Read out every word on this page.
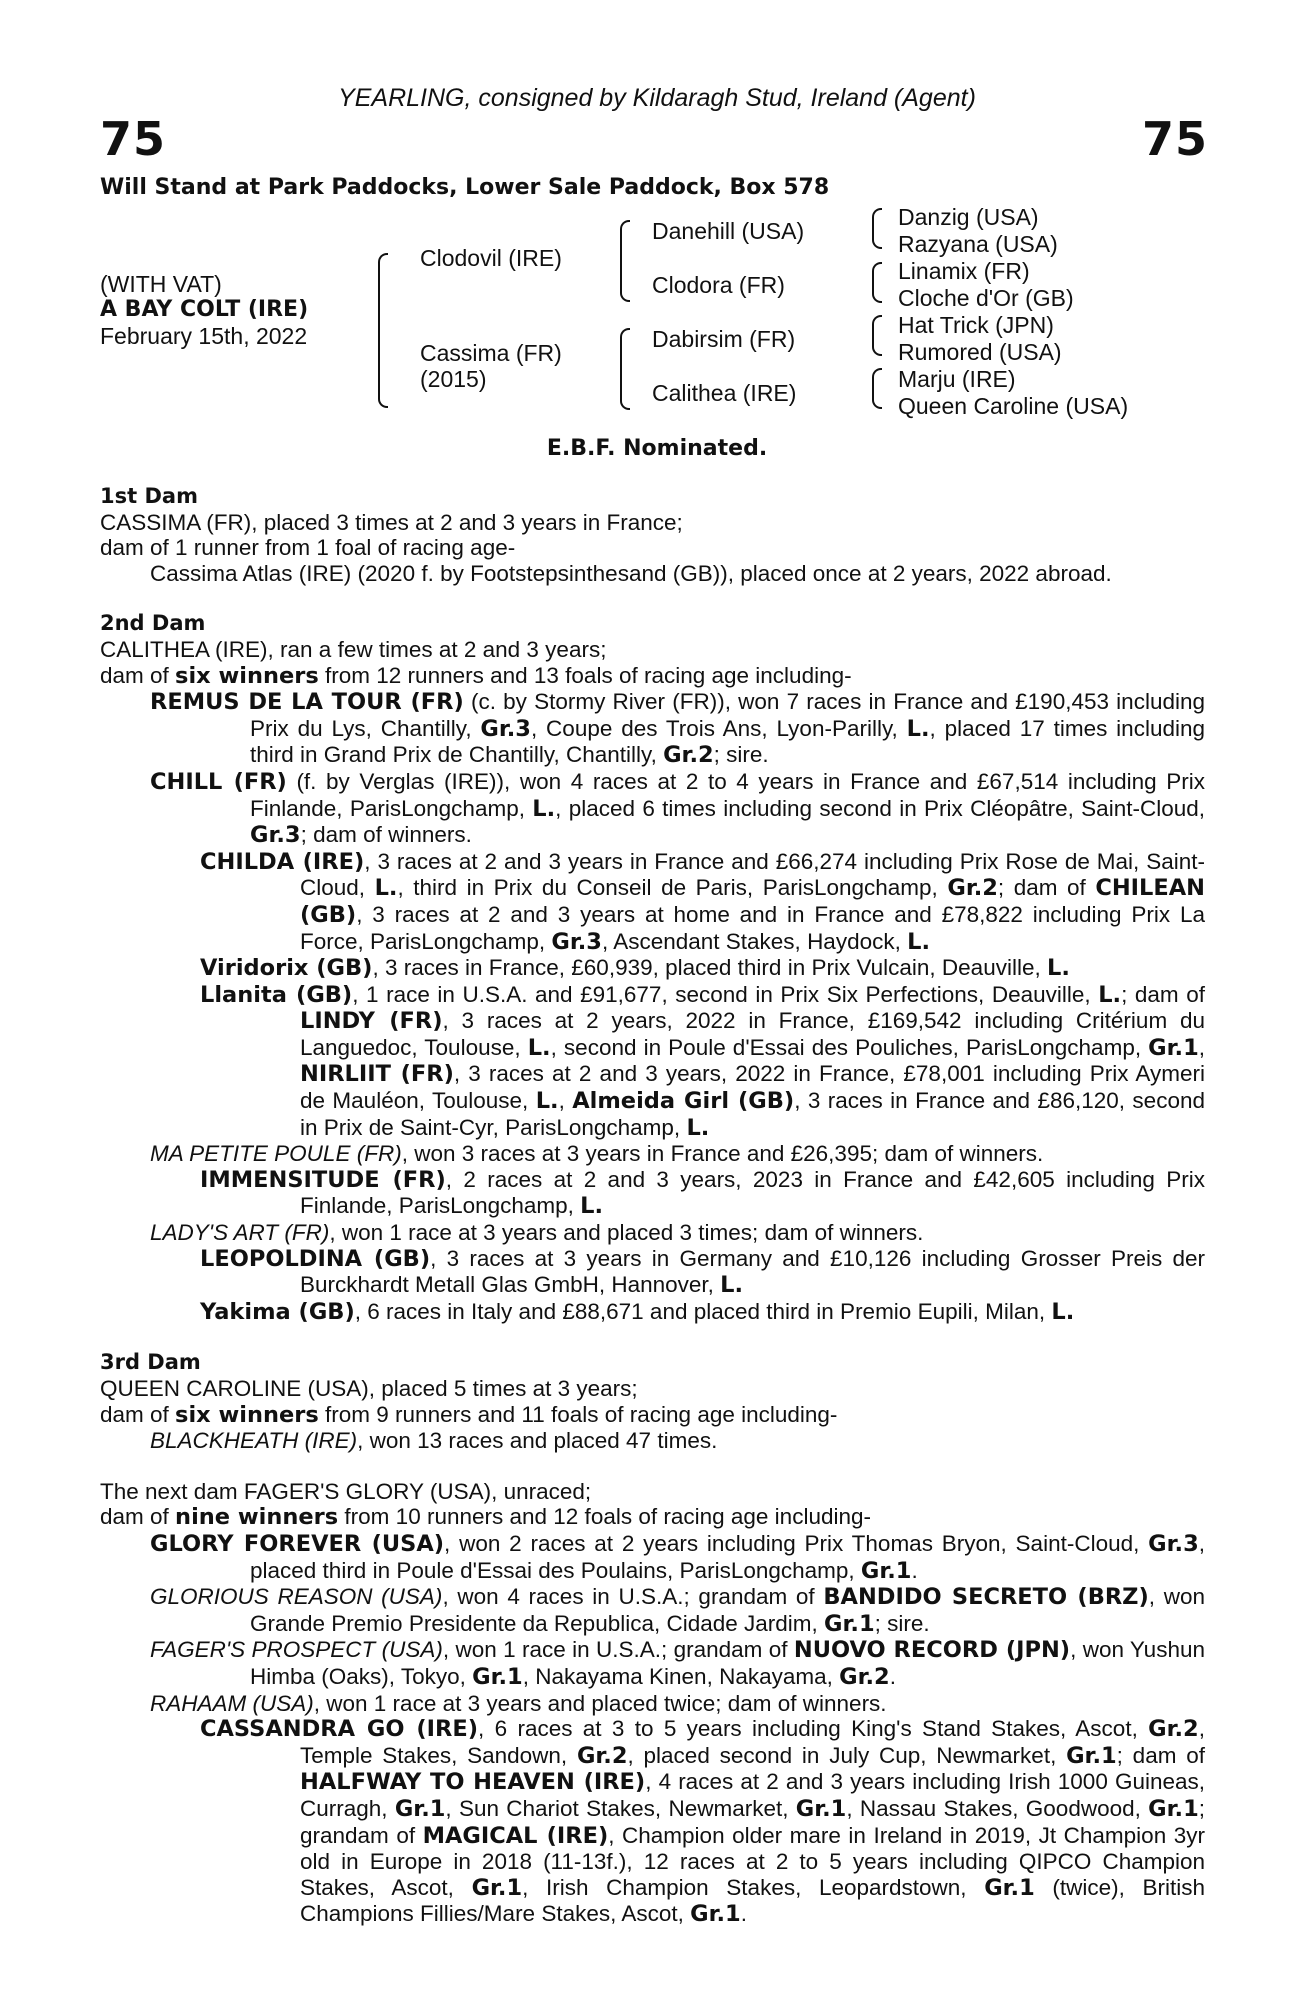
YEARLING, consigned by Kildaragh Stud, Ireland (Agent)
75	75
Will Stand at Park Paddocks, Lower Sale Paddock, Box 578
(WITH VAT)
A BAY COLT (IRE)
February 15th, 2022
Clodovil (IRE)
Cassima (FR)
(2015)
Danehill (USA)
Clodora (FR)
Dabirsim (FR)
Calithea (IRE)
Danzig (USA)
Razyana (USA)
Linamix (FR)
Cloche d'Or (GB)
Hat Trick (JPN)
Rumored (USA)
Marju (IRE)
Queen Caroline (USA)
E.B.F. Nominated.
1st Dam

CASSIMA (FR), placed 3 times at 2 and 3 years in France;

dam of 1 runner from 1 foal of racing age-

Cassima Atlas (IRE) (2020 f. by Footstepsinthesand (GB)), placed once at 2 years, 2022 abroad.

2nd Dam

CALITHEA (IRE), ran a few times at 2 and 3 years;

dam of six winners from 12 runners and 13 foals of racing age including-

REMUS DE LA TOUR (FR) (c. by Stormy River (FR)), won 7 races in France and £190,453 including Prix du Lys, Chantilly, Gr.3, Coupe des Trois Ans, Lyon-Parilly, L., placed 17 times including third in Grand Prix de Chantilly, Chantilly, Gr.2; sire.

CHILL (FR) (f. by Verglas (IRE)), won 4 races at 2 to 4 years in France and £67,514 including Prix Finlande, ParisLongchamp, L., placed 6 times including second in Prix Cléopâtre, Saint-Cloud, Gr.3; dam of winners.

CHILDA (IRE), 3 races at 2 and 3 years in France and £66,274 including Prix Rose de Mai, Saint-Cloud, L., third in Prix du Conseil de Paris, ParisLongchamp, Gr.2; dam of CHILEAN (GB), 3 races at 2 and 3 years at home and in France and £78,822 including Prix La Force, ParisLongchamp, Gr.3, Ascendant Stakes, Haydock, L.

Viridorix (GB), 3 races in France, £60,939, placed third in Prix Vulcain, Deauville, L.

Llanita (GB), 1 race in U.S.A. and £91,677, second in Prix Six Perfections, Deauville, L.; dam of LINDY (FR), 3 races at 2 years, 2022 in France, £169,542 including Critérium du Languedoc, Toulouse, L., second in Poule d'Essai des Pouliches, ParisLongchamp, Gr.1, NIRLIIT (FR), 3 races at 2 and 3 years, 2022 in France, £78,001 including Prix Aymeri de Mauléon, Toulouse, L., Almeida Girl (GB), 3 races in France and £86,120, second in Prix de Saint-Cyr, ParisLongchamp, L.

MA PETITE POULE (FR), won 3 races at 3 years in France and £26,395; dam of winners.

IMMENSITUDE (FR), 2 races at 2 and 3 years, 2023 in France and £42,605 including Prix Finlande, ParisLongchamp, L.

LADY'S ART (FR), won 1 race at 3 years and placed 3 times; dam of winners.

LEOPOLDINA (GB), 3 races at 3 years in Germany and £10,126 including Grosser Preis der Burckhardt Metall Glas GmbH, Hannover, L.

Yakima (GB), 6 races in Italy and £88,671 and placed third in Premio Eupili, Milan, L.

3rd Dam

QUEEN CAROLINE (USA), placed 5 times at 3 years;

dam of six winners from 9 runners and 11 foals of racing age including-

BLACKHEATH (IRE), won 13 races and placed 47 times.

The next dam FAGER'S GLORY (USA), unraced;

dam of nine winners from 10 runners and 12 foals of racing age including-

GLORY FOREVER (USA), won 2 races at 2 years including Prix Thomas Bryon, Saint-Cloud, Gr.3, placed third in Poule d'Essai des Poulains, ParisLongchamp, Gr.1.

GLORIOUS REASON (USA), won 4 races in U.S.A.; grandam of BANDIDO SECRETO (BRZ), won Grande Premio Presidente da Republica, Cidade Jardim, Gr.1; sire.

FAGER'S PROSPECT (USA), won 1 race in U.S.A.; grandam of NUOVO RECORD (JPN), won Yushun Himba (Oaks), Tokyo, Gr.1, Nakayama Kinen, Nakayama, Gr.2.

RAHAAM (USA), won 1 race at 3 years and placed twice; dam of winners.

CASSANDRA GO (IRE), 6 races at 3 to 5 years including King's Stand Stakes, Ascot, Gr.2, Temple Stakes, Sandown, Gr.2, placed second in July Cup, Newmarket, Gr.1; dam of HALFWAY TO HEAVEN (IRE), 4 races at 2 and 3 years including Irish 1000 Guineas, Curragh, Gr.1, Sun Chariot Stakes, Newmarket, Gr.1, Nassau Stakes, Goodwood, Gr.1; grandam of MAGICAL (IRE), Champion older mare in Ireland in 2019, Jt Champion 3yr old in Europe in 2018 (11-13f.), 12 races at 2 to 5 years including QIPCO Champion Stakes, Ascot, Gr.1, Irish Champion Stakes, Leopardstown, Gr.1 (twice), British Champions Fillies/Mare Stakes, Ascot, Gr.1.
